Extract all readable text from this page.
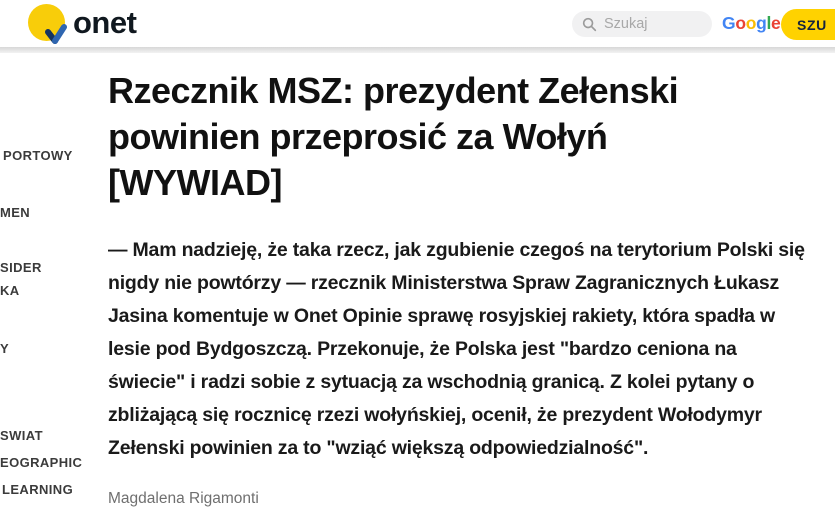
onet	Szukaj	Google	SZU
PORTOWY
MEN
SIDER
KA
Y
SWIAT
EOGRAPHIC
LEARNING
Rzecznik MSZ: prezydent Zełenski powinien przeprosić za Wołyń [WYWIAD]

— Mam nadzieję, że taka rzecz, jak zgubienie czegoś na terytorium Polski się nigdy nie powtórzy — rzecznik Ministerstwa Spraw Zagranicznych Łukasz Jasina komentuje w Onet Opinie sprawę rosyjskiej rakiety, która spadła w lesie pod Bydgoszczą. Przekonuje, że Polska jest "bardzo ceniona na świecie" i radzi sobie z sytuacją za wschodnią granicą. Z kolei pytany o zbliżającą się rocznicę rzezi wołyńskiej, ocenił, że prezydent Wołodymyr Zełenski powinien za to "wziąć większą odpowiedzialność".

Magdalena Rigamonti
